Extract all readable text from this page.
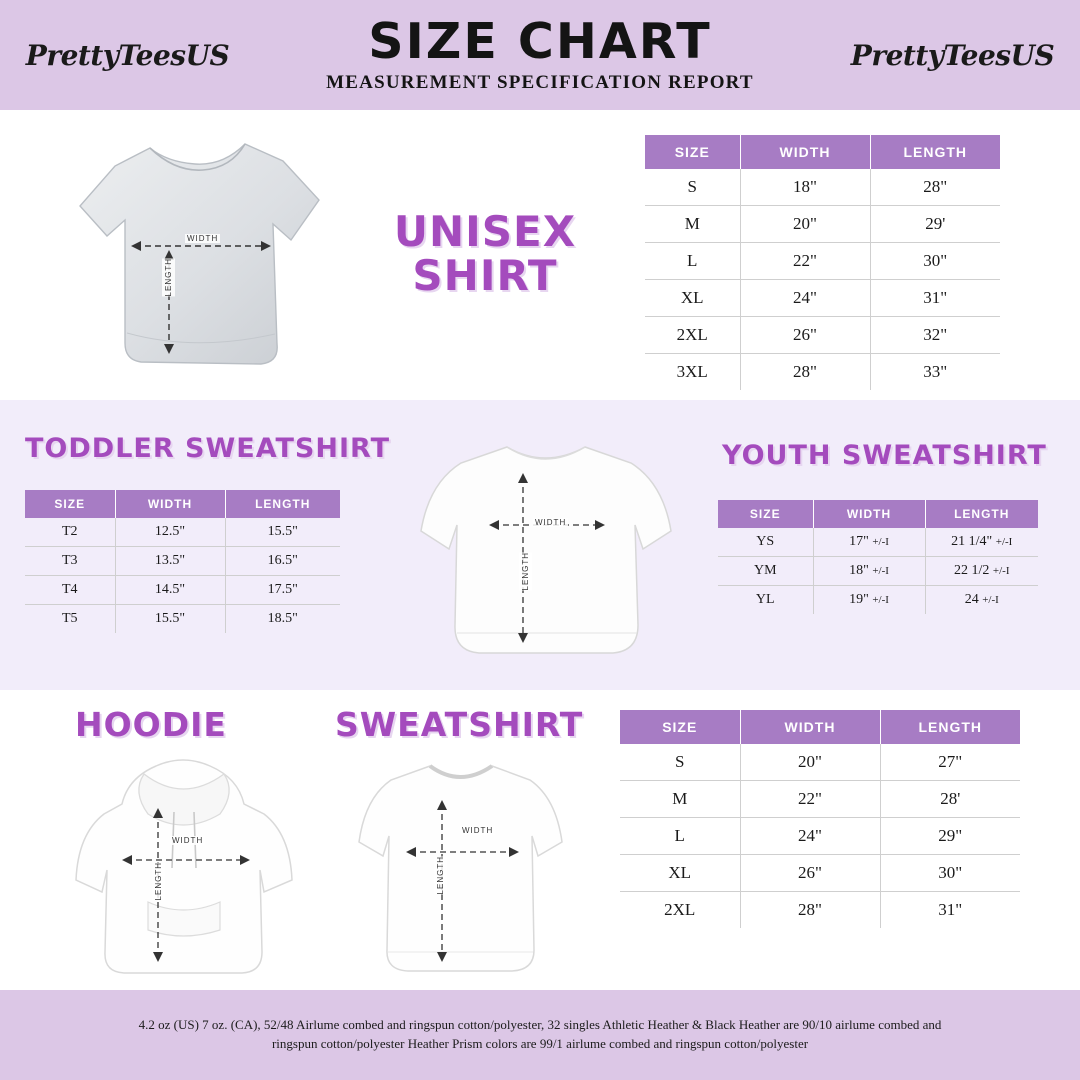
PrettyTeesUS	SIZE CHART
MEASUREMENT SPECIFICATION REPORT
PrettyTeesUS
WIDTH
LENGTH
UNISEX
SHIRT
SIZE	WIDTH	LENGTH
S	18"	28"
M	20"	29'
L	22"	30"
XL	24"	31"
2XL	26"	32"
3XL	28"	33"
TODDLER SWEATSHIRT
SIZE	WIDTH	LENGTH
T2	12.5"	15.5"
T3	13.5"	16.5"
T4	14.5"	17.5"
T5	15.5"	18.5"
WIDTH
LENGTH
YOUTH SWEATSHIRT
SIZE	WIDTH	LENGTH
YS	17" +/-I	21 1/4" +/-I
YM	18" +/-I	22 1/2 +/-I
YL	19" +/-I	24 +/-I
HOODIE
WIDTH
LENGTH
SWEATSHIRT
WIDTH
LENGTH
SIZE	WIDTH	LENGTH
S	20"	27"
M	22"	28'
L	24"	29"
XL	26"	30"
2XL	28"	31"

4.2 oz (US) 7 oz. (CA), 52/48 Airlume combed and ringspun cotton/polyester, 32 singles Athletic Heather & Black Heather are 90/10 airlume combed and

ringspun cotton/polyester Heather Prism colors are 99/1 airlume combed and ringspun cotton/polyester
